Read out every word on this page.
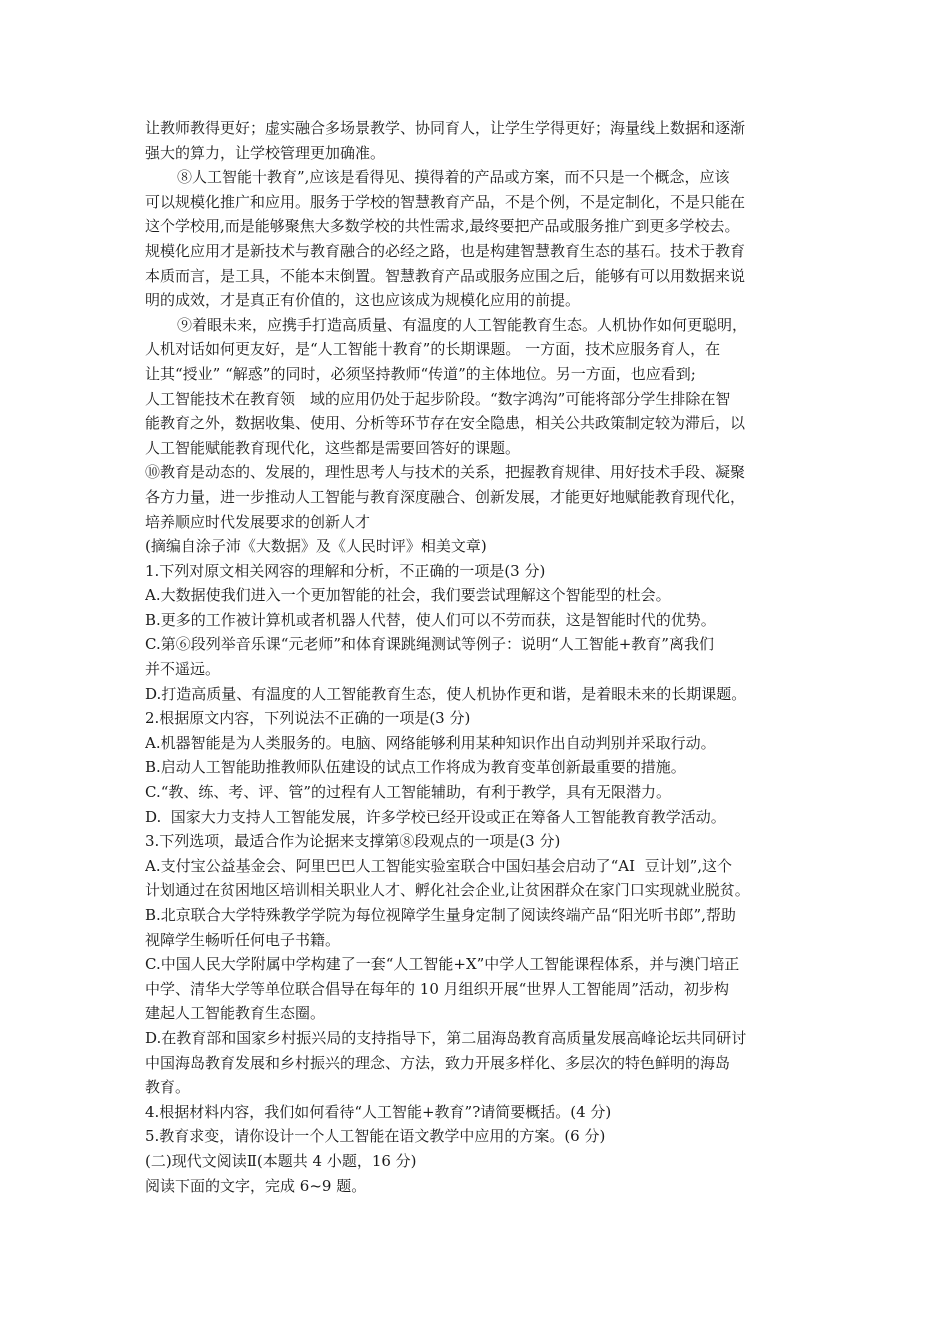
让教师教得更好；虚实融合多场景教学、协同育人，让学生学得更好；海量线上数据和逐渐
强大的算力，让学校管理更加确准。
⑧人工智能十教育”,应该是看得见、摸得着的产品或方案，而不只是一个概念，应该
可以规模化推广和应用。服务于学校的智慧教育产品，不是个例，不是定制化，不是只能在
这个学校用,而是能够聚焦大多数学校的共性需求,最终要把产品或服务推广到更多学校去。
规模化应用才是新技术与教育融合的必经之路，也是构建智慧教育生态的基石。技术于教育
本质而言，是工具，不能本末倒置。智慧教育产品或服务应围之后，能够有可以用数据来说
明的成效，才是真正有价值的，这也应该成为规模化应用的前提。
⑨着眼未来，应携手打造高质量、有温度的人工智能教育生态。人机协作如何更聪明，
人机对话如何更友好，是“人工智能十教育”的长期课题。 一方面，技术应服务育人，在
让其“授业” “解惑”的同时，必须坚持教师“传道”的主体地位。另一方面，也应看到;
人工智能技术在教育领　域的应用仍处于起步阶段。“数字鸿沟”可能将部分学生排除在智
能教育之外，数据收集、使用、分析等环节存在安全隐患，相关公共政策制定较为滞后，以
人工智能赋能教育现代化，这些都是需要回答好的课题。
⑩教育是动态的、发展的，理性思考人与技术的关系，把握教育规律、用好技术手段、凝聚
各方力量，进一步推动人工智能与教育深度融合、创新发展，才能更好地赋能教育现代化，
培养顺应时代发展要求的创新人才
(摘编自涂子沛《大数据》及《人民时评》相美文章)
1.下列对原文相关网容的理解和分析，不正确的一项是(3 分)
A.大数据使我们进入一个更加智能的社会，我们要尝试理解这个智能型的杜会。
B.更多的工作被计算机或者机器人代替，使人们可以不劳而获，这是智能时代的优势。
C.第⑥段列举音乐课“元老师”和体育课跳绳测试等例子：说明“人工智能+教育”离我们
并不遥远。
D.打造高质量、有温度的人工智能教育生态，使人机协作更和谐，是着眼未来的长期课题。
2.根据原文内容，下列说法不正确的一项是(3 分)
A.机器智能是为人类服务的。电脑、网络能够利用某种知识作出自动判别并采取行动。
B.启动人工智能助推教师队伍建设的试点工作将成为教育变革创新最重要的措施。
C.“教、练、考、评、管”的过程有人工智能辅助，有利于教学，具有无限潜力。
D.  国家大力支持人工智能发展，许多学校已经开设或正在筹备人工智能教育教学活动。
3.下列选项，最适合作为论据来支撑第⑧段观点的一项是(3 分)
A.支付宝公益基金会、阿里巴巴人工智能实验室联合中国妇基会启动了“AI  豆计划”,这个
计划通过在贫困地区培训相关职业人才、孵化社会企业,让贫困群众在家门口实现就业脱贫。
B.北京联合大学特殊教学学院为每位视障学生量身定制了阅读终端产品“阳光听书郎”,帮助
视障学生畅听任何电子书籍。
C.中国人民大学附属中学构建了一套“人工智能+X”中学人工智能课程体系，并与澳门培正
中学、清华大学等单位联合倡导在每年的 10 月组织开展“世界人工智能周”活动，初步构
建起人工智能教育生态圈。
D.在教育部和国家乡村振兴局的支持指导下，第二届海岛教育高质量发展高峰论坛共同研讨
中国海岛教育发展和乡村振兴的理念、方法，致力开展多样化、多层次的特色鲜明的海岛
教育。
4.根据材料内容，我们如何看待“人工智能+教育”?请简要概括。(4 分)
5.教育求变，请你设计一个人工智能在语文教学中应用的方案。(6 分)
(二)现代文阅读Ⅱ(本题共 4 小题，16 分)
阅读下面的文字，完成 6~9 题。
